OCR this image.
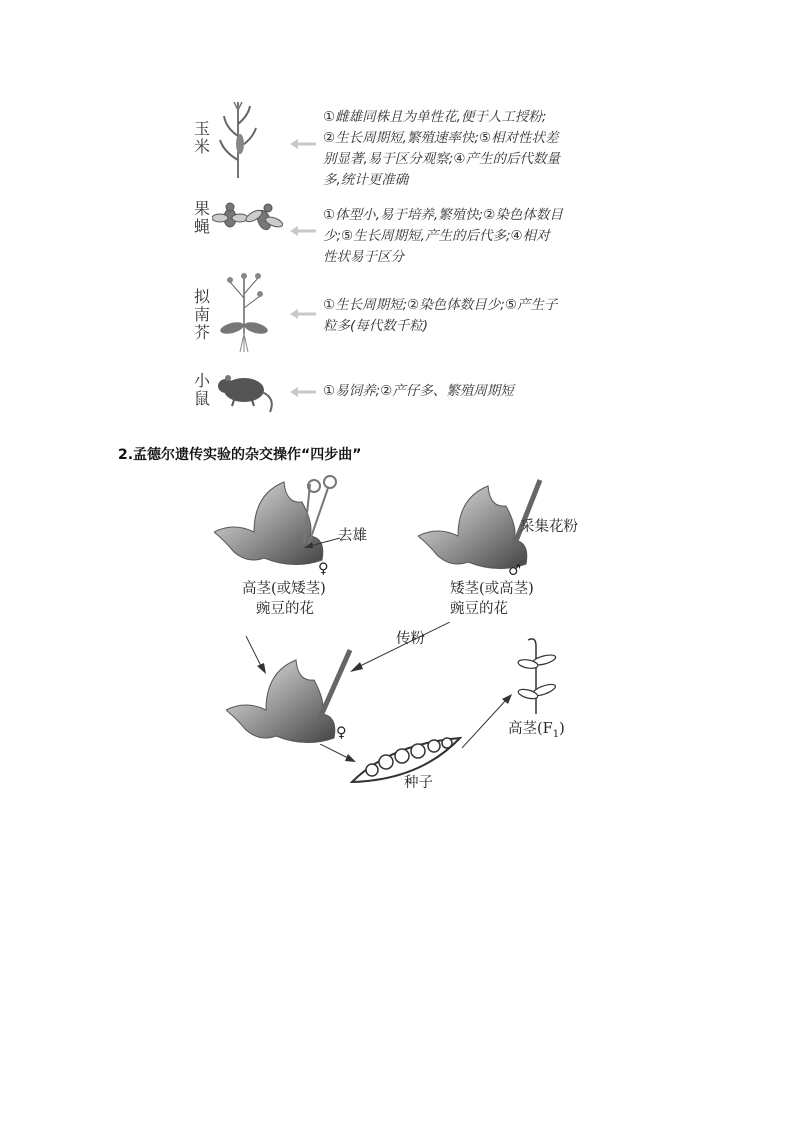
玉
米
①雌雄同株且为单性花,便于人工授粉;
②生长周期短,繁殖速率快;⑤相对性状差
别显著,易于区分观察;④产生的后代数量
多,统计更准确
果
蝇
①体型小,易于培养,繁殖快;②染色体数目
少;⑤生长周期短,产生的后代多;④相对
性状易于区分
拟
南
芥
①生长周期短;②染色体数目少;⑤产生子
粒多(每代数千粒)
小
鼠	①易饲养;②产仔多、繁殖周期短
2.孟德尔遗传实验的杂交操作“四步曲”
去雄
♀
高茎(或矮茎)
豌豆的花
采集花粉
♂
矮茎(或高茎)
豌豆的花
传粉
♀
种子
高茎$(F_1)$
